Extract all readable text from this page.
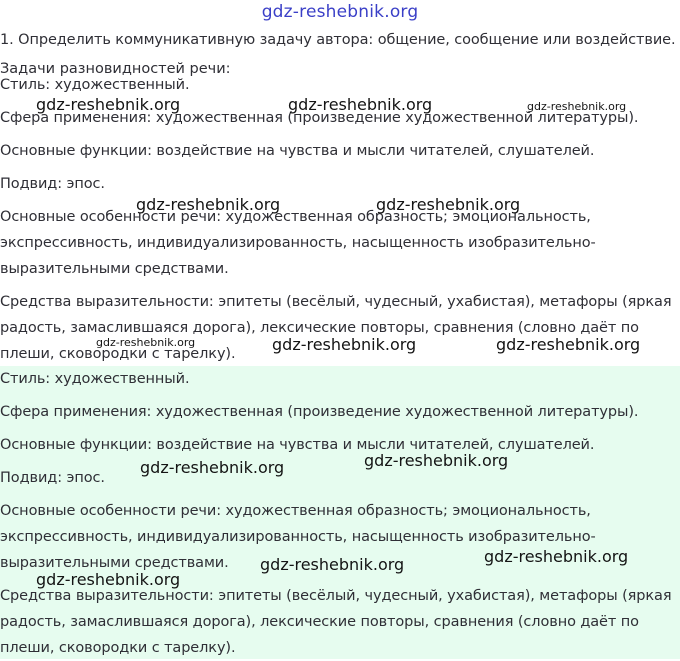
gdz-reshebnik.org

1. Определить коммуникативную задачу автора: общение, сообщение или воздействие.

Задачи разновидностей речи:

Стиль: художественный.

Сфера применения: художественная (произведение художественной литературы).

Основные функции: воздействие на чувства и мысли читателей, слушателей.

Подвид: эпос.

Основные особенности речи: художественная образность; эмоциональность,
экспрессивность, индивидуализированность, насыщенность изобразительно-
выразительными средствами.
Средства выразительности: эпитеты (весёлый, чудесный, ухабистая), метафоры (яркая
радость, замаслившаяся дорога), лексические повторы, сравнения (словно даёт по
плеши, сковородки с тарелку).

Стиль: художественный.

Сфера применения: художественная (произведение художественной литературы).

Основные функции: воздействие на чувства и мысли читателей, слушателей.

Подвид: эпос.

Основные особенности речи: художественная образность; эмоциональность,
экспрессивность, индивидуализированность, насыщенность изобразительно-
выразительными средствами.
Средства выразительности: эпитеты (весёлый, чудесный, ухабистая), метафоры (яркая
радость, замаслившаяся дорога), лексические повторы, сравнения (словно даёт по
плеши, сковородки с тарелку).
gdz-reshebnik.org	gdz-reshebnik.org	gdz-reshebnik.org
gdz-reshebnik.org	gdz-reshebnik.org
gdz-reshebnik.org	gdz-reshebnik.org	gdz-reshebnik.org
gdz-reshebnik.org
gdz-reshebnik.org
gdz-reshebnik.org
gdz-reshebnik.org
gdz-reshebnik.org
